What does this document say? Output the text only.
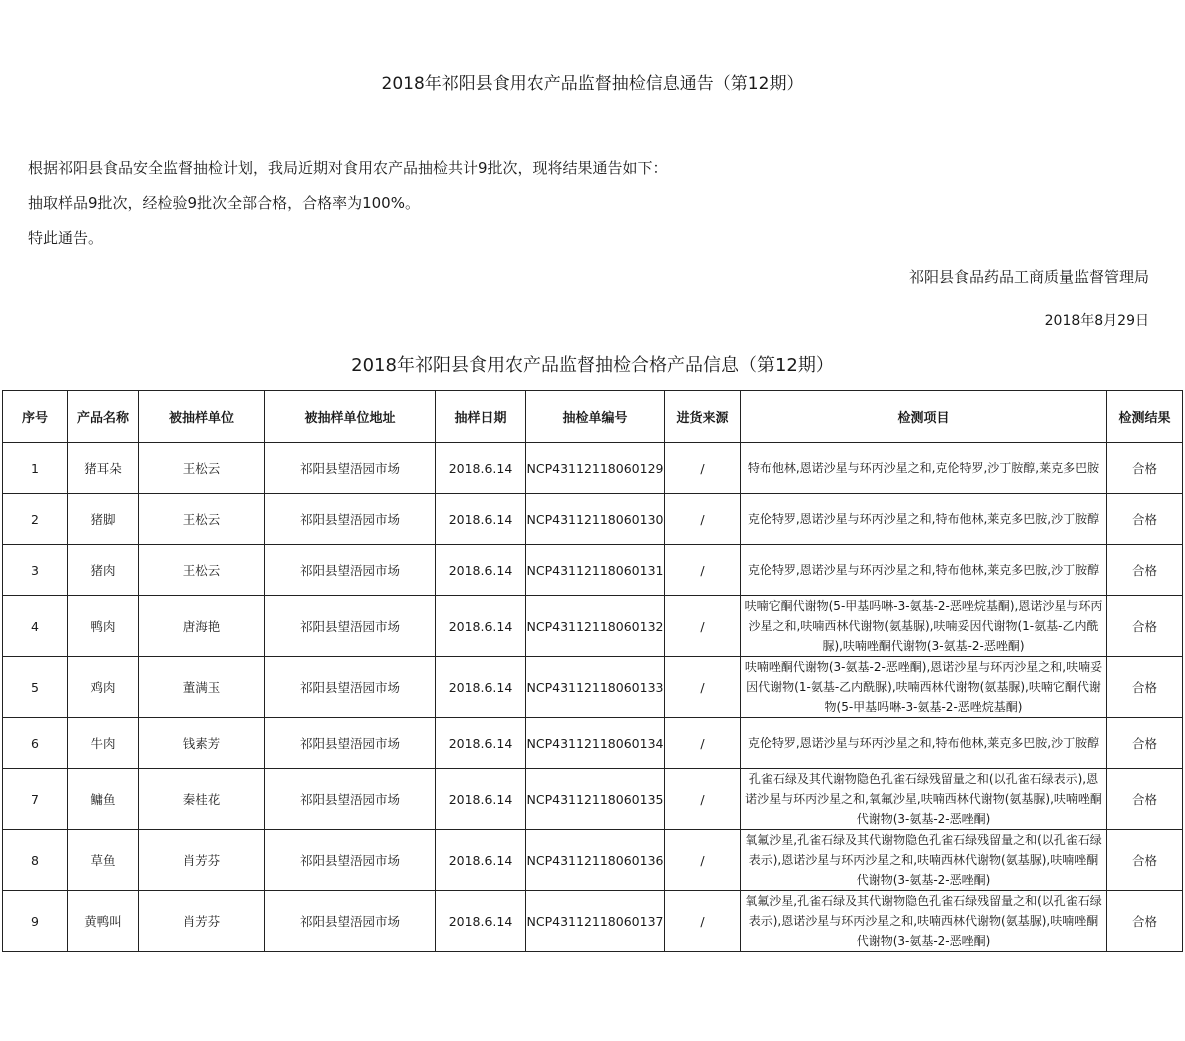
2018年祁阳县食用农产品监督抽检信息通告（第12期）
根据祁阳县食品安全监督抽检计划，我局近期对食用农产品抽检共计9批次，现将结果通告如下：
抽取样品9批次，经检验9批次全部合格，合格率为100%。
特此通告。
祁阳县食品药品工商质量监督管理局
2018年8月29日
2018年祁阳县食用农产品监督抽检合格产品信息（第12期）
序号	产品名称	被抽样单位	被抽样单位地址	抽样日期	抽检单编号	进货来源	检测项目	检测结果
1	猪耳朵	王松云	祁阳县望浯园市场	2018.6.14	NCP43112118060129	/	特布他林,恩诺沙星与环丙沙星之和,克伦特罗,沙丁胺醇,莱克多巴胺	合格
2	猪脚	王松云	祁阳县望浯园市场	2018.6.14	NCP43112118060130	/	克伦特罗,恩诺沙星与环丙沙星之和,特布他林,莱克多巴胺,沙丁胺醇	合格
3	猪肉	王松云	祁阳县望浯园市场	2018.6.14	NCP43112118060131	/	克伦特罗,恩诺沙星与环丙沙星之和,特布他林,莱克多巴胺,沙丁胺醇	合格
4	鸭肉	唐海艳	祁阳县望浯园市场	2018.6.14	NCP43112118060132	/	呋喃它酮代谢物(5-甲基吗啉-3-氨基-2-恶唑烷基酮),恩诺沙星与环丙沙星之和,呋喃西林代谢物(氨基脲),呋喃妥因代谢物(1-氨基-乙内酰脲),呋喃唑酮代谢物(3-氨基-2-恶唑酮)	合格
5	鸡肉	董满玉	祁阳县望浯园市场	2018.6.14	NCP43112118060133	/	呋喃唑酮代谢物(3-氨基-2-恶唑酮),恩诺沙星与环丙沙星之和,呋喃妥因代谢物(1-氨基-乙内酰脲),呋喃西林代谢物(氨基脲),呋喃它酮代谢物(5-甲基吗啉-3-氨基-2-恶唑烷基酮)	合格
6	牛肉	钱素芳	祁阳县望浯园市场	2018.6.14	NCP43112118060134	/	克伦特罗,恩诺沙星与环丙沙星之和,特布他林,莱克多巴胺,沙丁胺醇	合格
7	鳙鱼	秦桂花	祁阳县望浯园市场	2018.6.14	NCP43112118060135	/	孔雀石绿及其代谢物隐色孔雀石绿残留量之和(以孔雀石绿表示),恩诺沙星与环丙沙星之和,氧氟沙星,呋喃西林代谢物(氨基脲),呋喃唑酮代谢物(3-氨基-2-恶唑酮)	合格
8	草鱼	肖芳芬	祁阳县望浯园市场	2018.6.14	NCP43112118060136	/	氧氟沙星,孔雀石绿及其代谢物隐色孔雀石绿残留量之和(以孔雀石绿表示),恩诺沙星与环丙沙星之和,呋喃西林代谢物(氨基脲),呋喃唑酮代谢物(3-氨基-2-恶唑酮)	合格
9	黄鸭叫	肖芳芬	祁阳县望浯园市场	2018.6.14	NCP43112118060137	/	氧氟沙星,孔雀石绿及其代谢物隐色孔雀石绿残留量之和(以孔雀石绿表示),恩诺沙星与环丙沙星之和,呋喃西林代谢物(氨基脲),呋喃唑酮代谢物(3-氨基-2-恶唑酮)	合格
